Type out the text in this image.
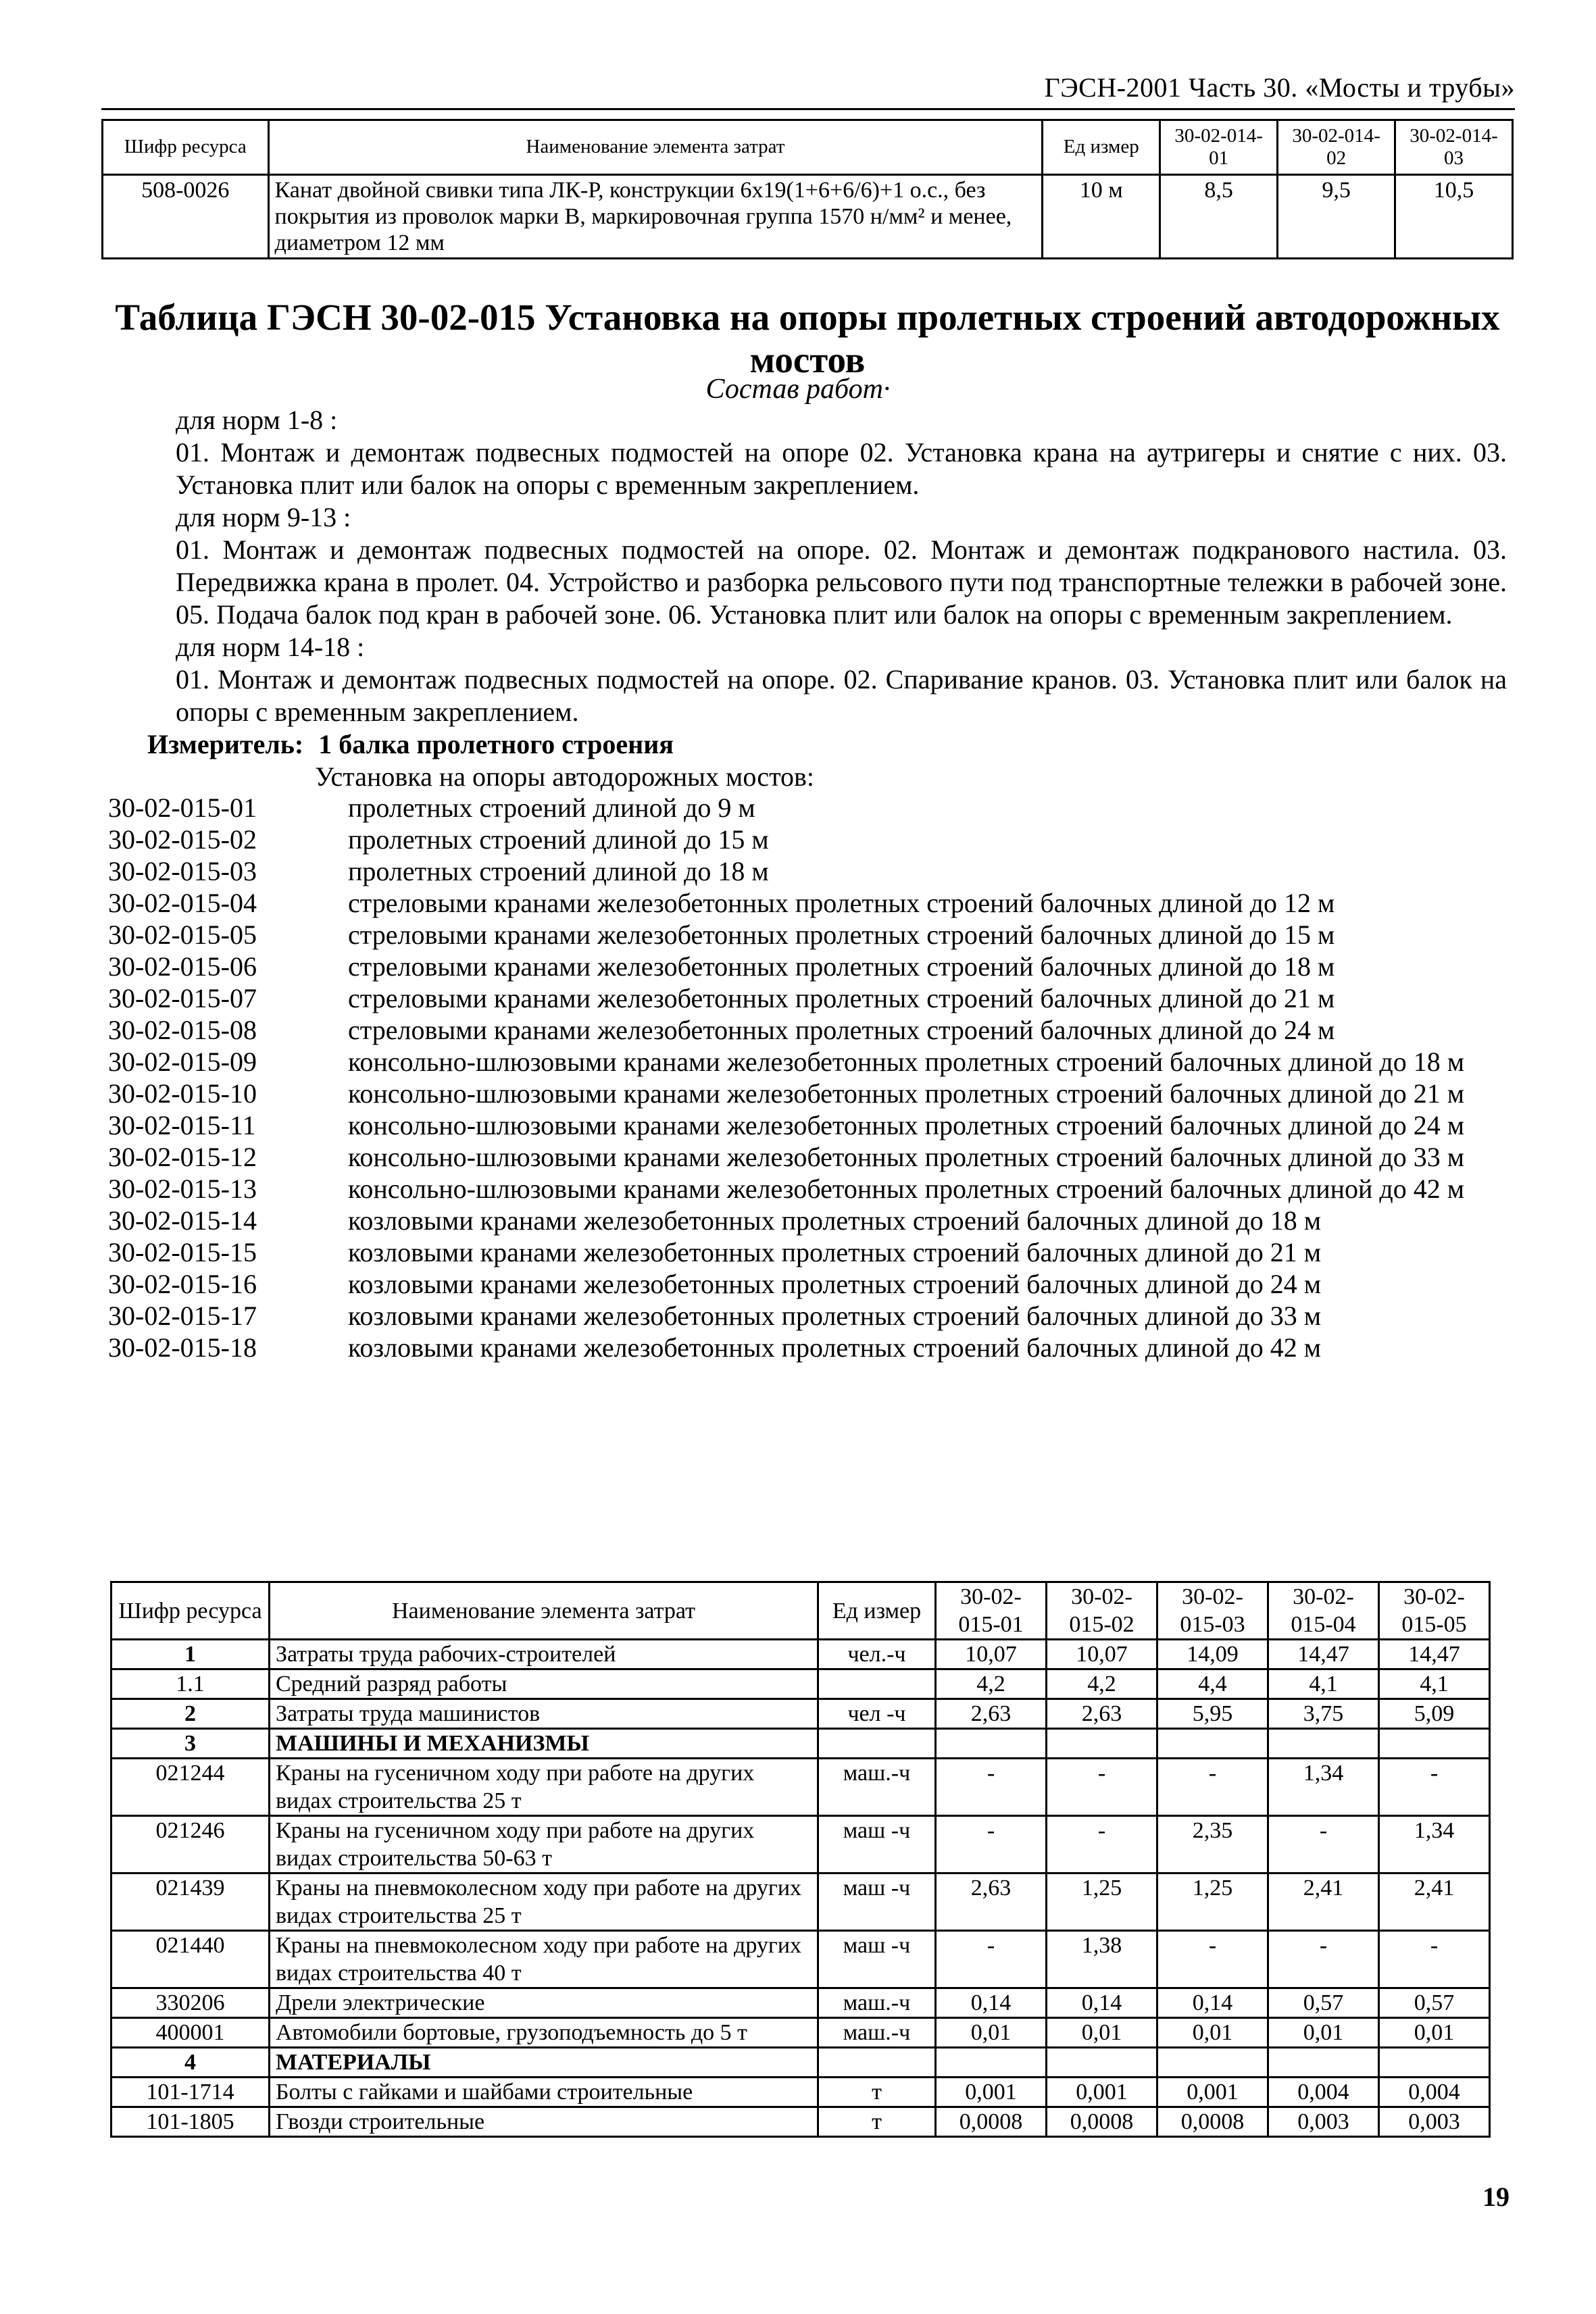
ГЭСН-2001 Часть 30. «Мосты и трубы»
Шифр ресурса	Наименование элемента затрат	Ед измер	30-02-014-01	30-02-014-02	30-02-014-03
508-0026	Канат двойной свивки типа ЛК-Р, конструкции 6x19(1+6+6/6)+1 о.с., без покрытия из проволок марки В, маркировочная группа 1570 н/мм² и менее, диаметром 12 мм	10 м	8,5	9,5	10,5
Таблица ГЭСН 30-02-015 Установка на опоры пролетных строений автодорожных мостов
Состав работ·

для норм 1-8 :

01. Монтаж и демонтаж подвесных подмостей на опоре 02. Установка крана на аутригеры и снятие с них. 03. Установка плит или балок на опоры с временным закреплением.

для норм 9-13 :

01. Монтаж и демонтаж подвесных подмостей на опоре. 02. Монтаж и демонтаж подкранового настила. 03. Передвижка крана в пролет. 04. Устройство и разборка рельсового пути под транспортные тележки в рабочей зоне. 05. Подача балок под кран в рабочей зоне. 06. Установка плит или балок на опоры с временным закреплением.

для норм 14-18 :

01. Монтаж и демонтаж подвесных подмостей на опоре. 02. Спаривание кранов. 03. Установка плит или балок на опоры с временным закреплением.

Измеритель: 1 балка пролетного строения
Установка на опоры автодорожных мостов:
30-02-015-01	пролетных строений длиной до 9 м
30-02-015-02	пролетных строений длиной до 15 м
30-02-015-03	пролетных строений длиной до 18 м
30-02-015-04	стреловыми кранами железобетонных пролетных строений балочных длиной до 12 м
30-02-015-05	стреловыми кранами железобетонных пролетных строений балочных длиной до 15 м
30-02-015-06	стреловыми кранами железобетонных пролетных строений балочных длиной до 18 м
30-02-015-07	стреловыми кранами железобетонных пролетных строений балочных длиной до 21 м
30-02-015-08	стреловыми кранами железобетонных пролетных строений балочных длиной до 24 м
30-02-015-09	консольно-шлюзовыми кранами железобетонных пролетных строений балочных длиной до 18 м
30-02-015-10	консольно-шлюзовыми кранами железобетонных пролетных строений балочных длиной до 21 м
30-02-015-11	консольно-шлюзовыми кранами железобетонных пролетных строений балочных длиной до 24 м
30-02-015-12	консольно-шлюзовыми кранами железобетонных пролетных строений балочных длиной до 33 м
30-02-015-13	консольно-шлюзовыми кранами железобетонных пролетных строений балочных длиной до 42 м
30-02-015-14	козловыми кранами железобетонных пролетных строений балочных длиной до 18 м
30-02-015-15	козловыми кранами железобетонных пролетных строений балочных длиной до 21 м
30-02-015-16	козловыми кранами железобетонных пролетных строений балочных длиной до 24 м
30-02-015-17	козловыми кранами железобетонных пролетных строений балочных длиной до 33 м
30-02-015-18	козловыми кранами железобетонных пролетных строений балочных длиной до 42 м
Шифр ресурса	Наименование элемента затрат	Ед измер	30-02-015-01	30-02-015-02	30-02-015-03	30-02-015-04	30-02-015-05
1	Затраты труда рабочих-строителей	чел.-ч	10,07	10,07	14,09	14,47	14,47
1.1	Средний разряд работы		4,2	4,2	4,4	4,1	4,1
2	Затраты труда машинистов	чел -ч	2,63	2,63	5,95	3,75	5,09
3	МАШИНЫ И МЕХАНИЗМЫ						
021244	Краны на гусеничном ходу при работе на других видах строительства 25 т	маш.-ч	-	-	-	1,34	-
021246	Краны на гусеничном ходу при работе на других видах строительства 50-63 т	маш -ч	-	-	2,35	-	1,34
021439	Краны на пневмоколесном ходу при работе на других видах строительства 25 т	маш -ч	2,63	1,25	1,25	2,41	2,41
021440	Краны на пневмоколесном ходу при работе на других видах строительства 40 т	маш -ч	-	1,38	-	-	-
330206	Дрели электрические	маш.-ч	0,14	0,14	0,14	0,57	0,57
400001	Автомобили бортовые, грузоподъемность до 5 т	маш.-ч	0,01	0,01	0,01	0,01	0,01
4	МАТЕРИАЛЫ						
101-1714	Болты с гайками и шайбами строительные	т	0,001	0,001	0,001	0,004	0,004
101-1805	Гвозди строительные	т	0,0008	0,0008	0,0008	0,003	0,003
19
